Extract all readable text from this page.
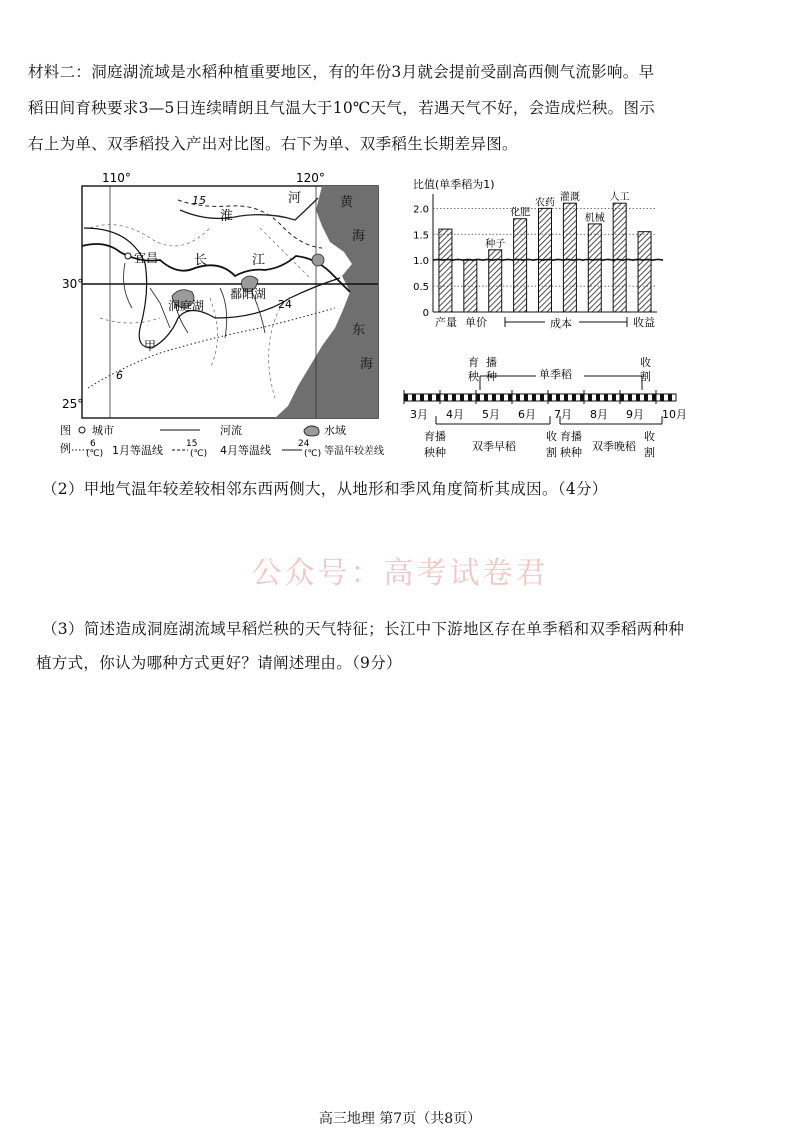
材料二：洞庭湖流域是水稻种植重要地区，有的年份3月就会提前受副高西侧气流影响。早
稻田间育秧要求3—5日连续晴朗且气温大于10℃天气，若遇天气不好，会造成烂秧。图示
右上为单、双季稻投入产出对比图。右下为单、双季稻生长期差异图。
110°	120°
30°
25°
15
24
6
淮
河
宜昌	长	江
洞庭湖
鄱阳湖
甲
黄
海
东
海
图
例
城市	河流	水域
6
(℃) 1月等温线	15
(℃) 4月等温线	24
(℃) 等温年较差线
比值(单季稻为1)
0
0.5
1.0
1.5
2.0
种子
化肥
农药 灌溉
机械
人工
产量 单价	成本	收益
育
秧
播
种
收
割
单季稻
3月 4月 5月 6月 7月 8月 9月 10月
育播
秧种 双季早稻
收
割
育播
秧种 双季晚稻
收
割
（2）甲地气温年较差较相邻东西两侧大，从地形和季风角度简析其成因。（4分）
公众号：高考试卷君
（3）简述造成洞庭湖流域早稻烂秧的天气特征；长江中下游地区存在单季稻和双季稻两种种
植方式，你认为哪种方式更好？请阐述理由。（9分）
高三地理 第7页（共8页）
